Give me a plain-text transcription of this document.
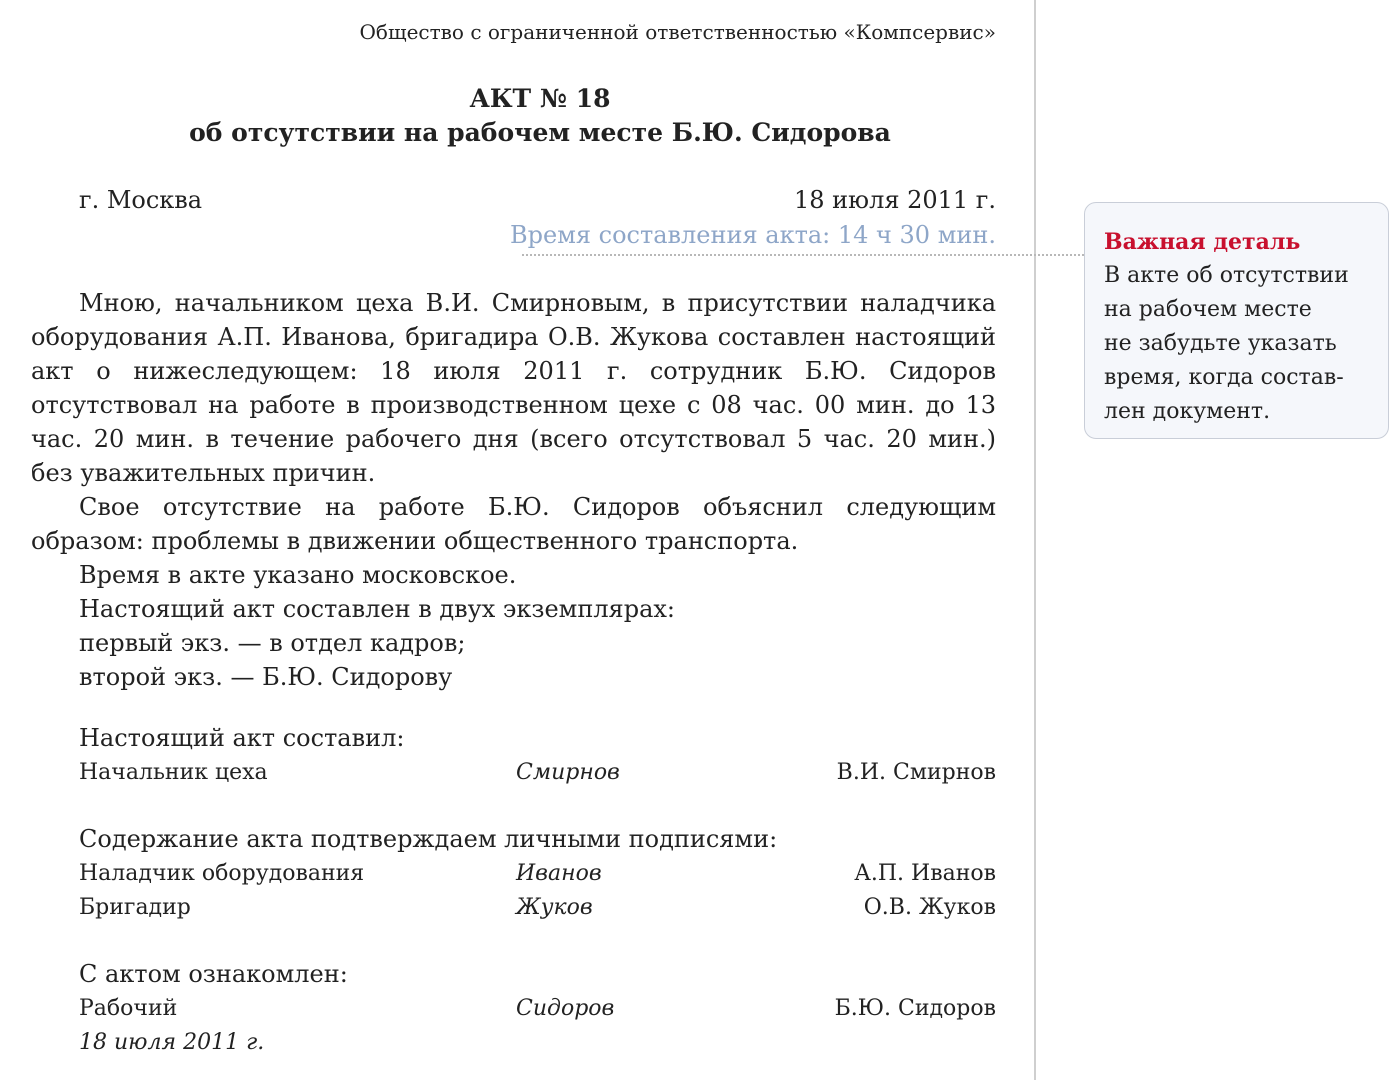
Общество с ограниченной ответственностью «Компсервис»
АКТ № 18
об отсутствии на рабочем месте Б.Ю. Сидорова
г. Москва	18 июля 2011 г.
Время составления акта: 14 ч 30 мин.

Мною, начальником цеха В.И. Смирновым, в присутствии наладчика оборудования А.П. Иванова, бригадира О.В. Жукова составлен настоящий акт о нижеследующем: 18 июля 2011 г. сотрудник Б.Ю. Сидоров отсутствовал на работе в производственном цехе с 08 час. 00 мин. до 13 час. 20 мин. в течение рабочего дня (всего отсутствовал 5 час. 20 мин.) без уважительных причин.

Свое отсутствие на работе Б.Ю. Сидоров объяснил следующим образом: проблемы в движении общественного транспорта.

Время в акте указано московское.
Настоящий акт составлен в двух экземплярах:
первый экз. — в отдел кадров;
второй экз. — Б.Ю. Сидорову
Настоящий акт составил:
Начальник цеха	Смирнов	В.И. Смирнов
Содержание акта подтверждаем личными подписями:
Наладчик оборудования	Иванов	А.П. Иванов
Бригадир	Жуков	О.В. Жуков
С актом ознакомлен:
Рабочий	Сидоров	Б.Ю. Сидоров
18 июля 2011 г.
Важная деталь
В акте об отсутствии
на рабочем месте
не забудьте указать
время, когда состав-
лен документ.
